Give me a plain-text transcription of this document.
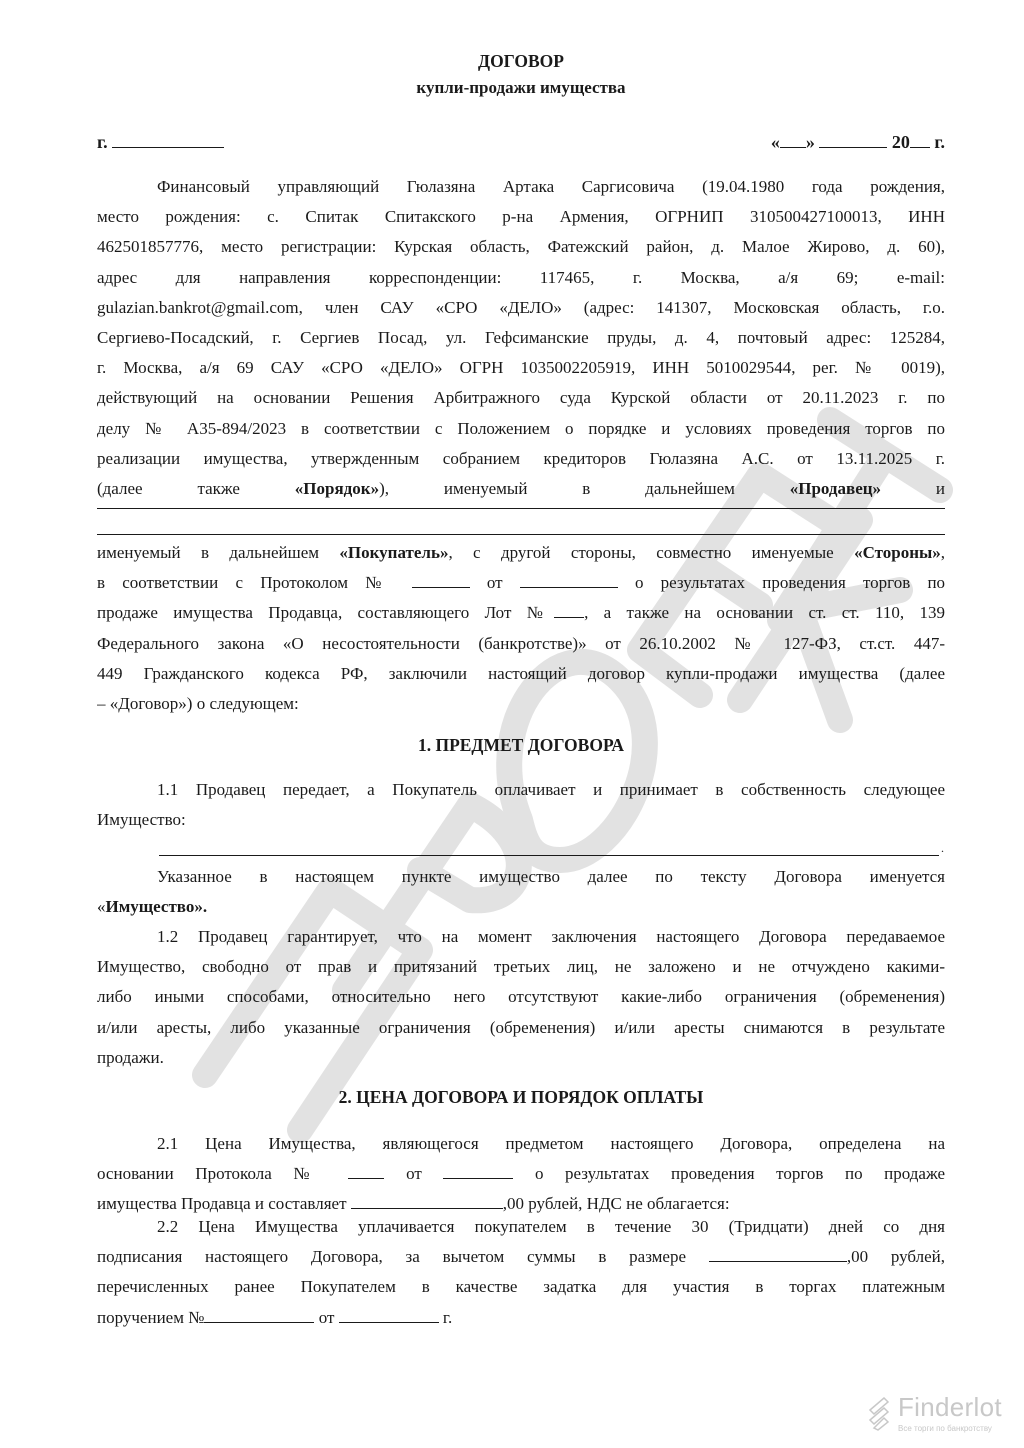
ДОГОВОР
купли-продажи имущества
г.	« »	20 г.
Финансовый управляющий Гюлазяна Артака Саргисовича (19.04.1980 года рождения,
место рождения: с. Спитак Спитакского р-на Армения, ОГРНИП 310500427100013, ИНН
462501857776, место регистрации: Курская область, Фатежский район, д. Малое Жирово, д. 60),
адрес для направления корреспонденции: 117465, г. Москва, а/я 69; e-mail:
gulazian.bankrot@gmail.com, член САУ «СРО «ДЕЛО» (адрес: 141307, Московская область, г.о.
Сергиево-Посадский, г. Сергиев Посад, ул. Гефсиманские пруды, д. 4, почтовый адрес: 125284,
г. Москва, а/я 69 САУ «СРО «ДЕЛО» ОГРН 1035002205919, ИНН 5010029544, рег. № 0019),
действующий на основании Решения Арбитражного суда Курской области от 20.11.2023 г. по
делу № А35-894/2023 в соответствии с Положением о порядке и условиях проведения торгов по
реализации имущества, утвержденным собранием кредиторов Гюлазяна А.С. от 13.11.2025 г.
(далее	также	«Порядок»),	именуемый	в	дальнейшем	«Продавец»	и
именуемый в дальнейшем «Покупатель», с другой стороны, совместно именуемые «Стороны»,
в соответствии с Протоколом №	от	о результатах проведения торгов по
продаже имущества Продавца, составляющего Лот № , а также на основании ст. ст. 110, 139
Федерального закона «О несостоятельности (банкротстве)» от 26.10.2002 № 127-ФЗ, ст.ст. 447-
449 Гражданского кодекса РФ, заключили настоящий договор купли-продажи имущества (далее
– «Договор») о следующем:
1. ПРЕДМЕТ ДОГОВОРА
1.1 Продавец передает, а Покупатель оплачивает и принимает в собственность следующее
Имущество:
.
Указанное в настоящем пункте имущество далее по тексту Договора именуется
«Имущество».
1.2 Продавец гарантирует, что на момент заключения настоящего Договора передаваемое
Имущество, свободно от прав и притязаний третьих лиц, не заложено и не отчуждено какими-
либо иными способами, относительно него отсутствуют какие-либо ограничения (обременения)
и/или аресты, либо указанные ограничения (обременения) и/или аресты снимаются в результате
продажи.
2. ЦЕНА ДОГОВОРА И ПОРЯДОК ОПЛАТЫ
2.1 Цена Имущества, являющегося предметом настоящего Договора, определена на
основании Протокола №	от	о результатах проведения торгов по продаже
имущества Продавца и составляет	,00 рублей, НДС не облагается:
2.2 Цена Имущества уплачивается покупателем в течение 30 (Тридцати) дней со дня
подписания настоящего Договора, за вычетом суммы в размере	,00 рублей,
перечисленных ранее Покупателем в качестве задатка для участия в торгах платежным
поручением №	от	г.
Finderlot
Все торги по банкротству
